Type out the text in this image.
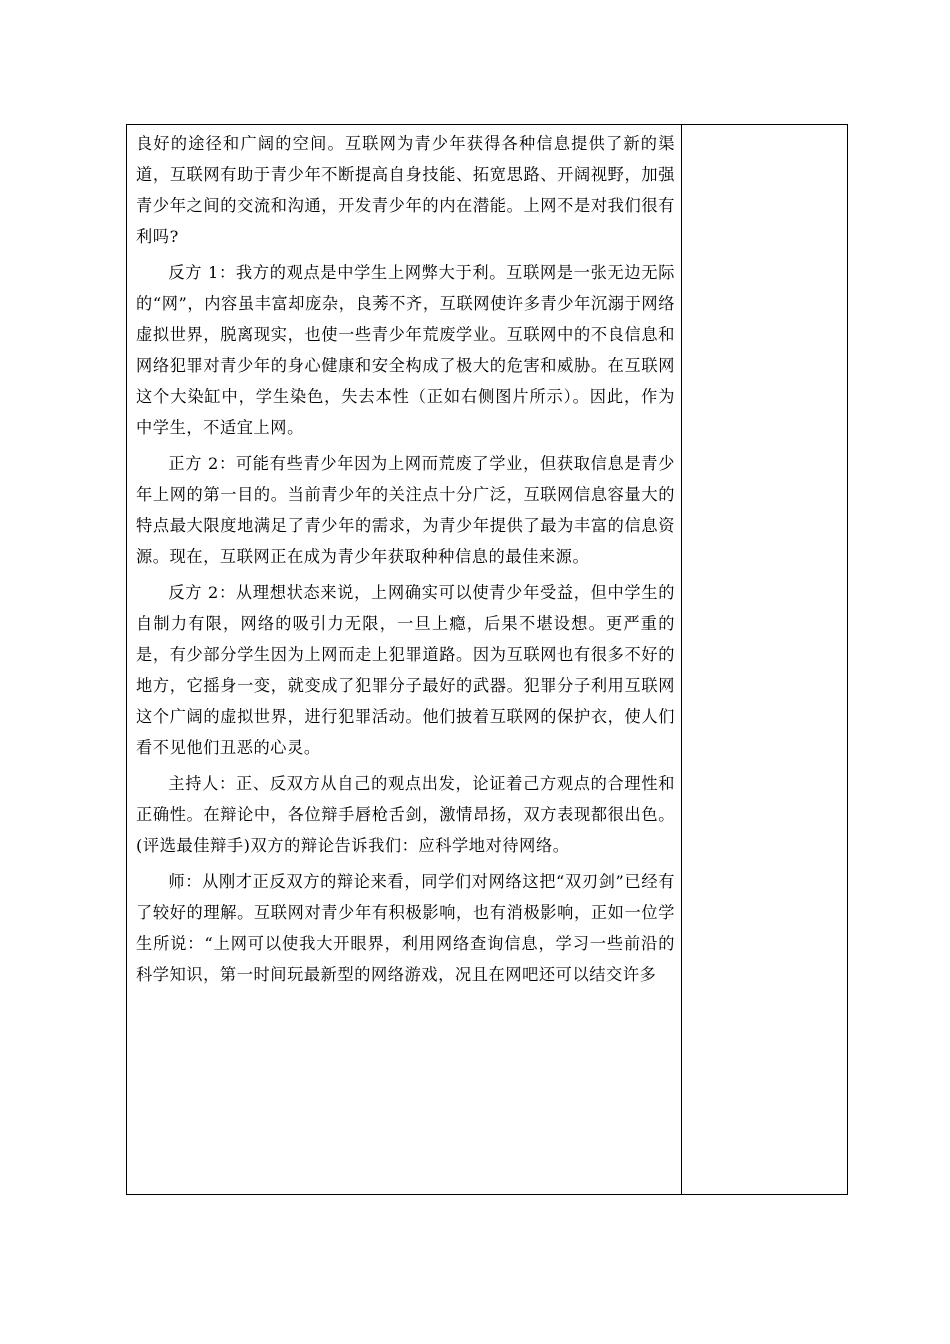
良好的途径和广阔的空间。互联网为青少年获得各种信息提供了新的渠道，互联网有助于青少年不断提高自身技能、拓宽思路、开阔视野，加强青少年之间的交流和沟通，开发青少年的内在潜能。上网不是对我们很有利吗?

反方 1：我方的观点是中学生上网弊大于利。互联网是一张无边无际的“网”，内容虽丰富却庞杂，良莠不齐，互联网使许多青少年沉溺于网络虚拟世界，脱离现实，也使一些青少年荒废学业。互联网中的不良信息和网络犯罪对青少年的身心健康和安全构成了极大的危害和威胁。在互联网这个大染缸中，学生染色，失去本性（正如右侧图片所示）。因此，作为中学生，不适宜上网。

正方 2：可能有些青少年因为上网而荒废了学业，但获取信息是青少年上网的第一目的。当前青少年的关注点十分广泛，互联网信息容量大的特点最大限度地满足了青少年的需求，为青少年提供了最为丰富的信息资源。现在，互联网正在成为青少年获取种种信息的最佳来源。

反方 2：从理想状态来说，上网确实可以使青少年受益，但中学生的自制力有限，网络的吸引力无限，一旦上瘾，后果不堪设想。更严重的是，有少部分学生因为上网而走上犯罪道路。因为互联网也有很多不好的地方，它摇身一变，就变成了犯罪分子最好的武器。犯罪分子利用互联网这个广阔的虚拟世界，进行犯罪活动。他们披着互联网的保护衣，使人们看不见他们丑恶的心灵。

主持人：正、反双方从自己的观点出发，论证着己方观点的合理性和正确性。在辩论中，各位辩手唇枪舌剑，激情昂扬，双方表现都很出色。(评选最佳辩手)双方的辩论告诉我们：应科学地对待网络。

师：从刚才正反双方的辩论来看，同学们对网络这把“双刃剑”已经有了较好的理解。互联网对青少年有积极影响，也有消极影响，正如一位学生所说：“上网可以使我大开眼界，利用网络查询信息，学习一些前沿的科学知识，第一时间玩最新型的网络游戏，况且在网吧还可以结交许多
